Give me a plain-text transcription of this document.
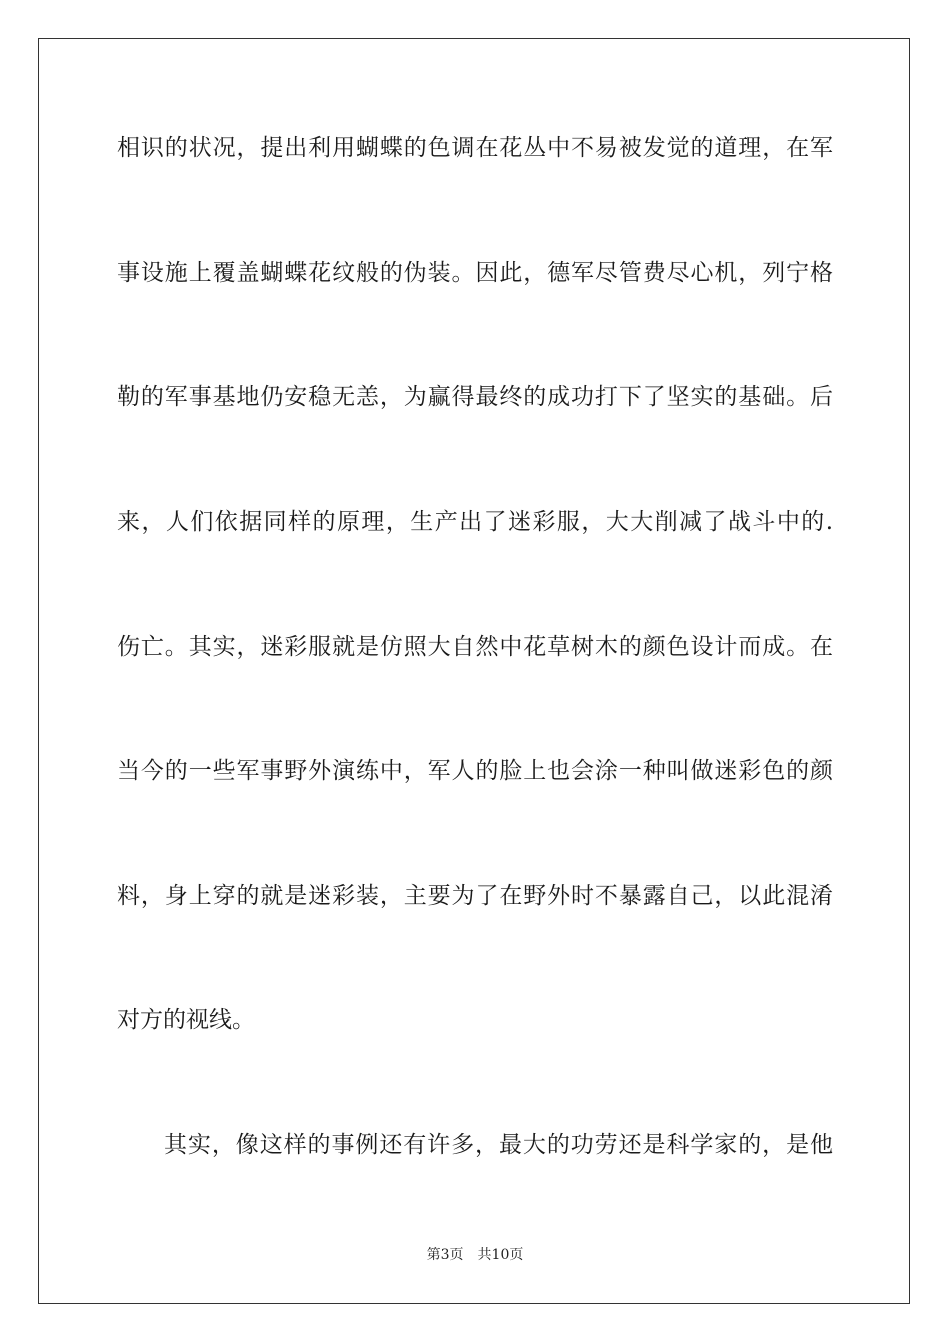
相识的状况，提出利用蝴蝶的色调在花丛中不易被发觉的道理，在军
事设施上覆盖蝴蝶花纹般的伪装。因此，德军尽管费尽心机，列宁格
勒的军事基地仍安稳无恙，为赢得最终的成功打下了坚实的基础。后
来，人们依据同样的原理，生产出了迷彩服，大大削减了战斗中的.
伤亡。其实，迷彩服就是仿照大自然中花草树木的颜色设计而成。在
当今的一些军事野外演练中，军人的脸上也会涂一种叫做迷彩色的颜
料，身上穿的就是迷彩装，主要为了在野外时不暴露自己，以此混淆
对方的视线。
其实，像这样的事例还有许多，最大的功劳还是科学家的，是他
第3页 共10页
